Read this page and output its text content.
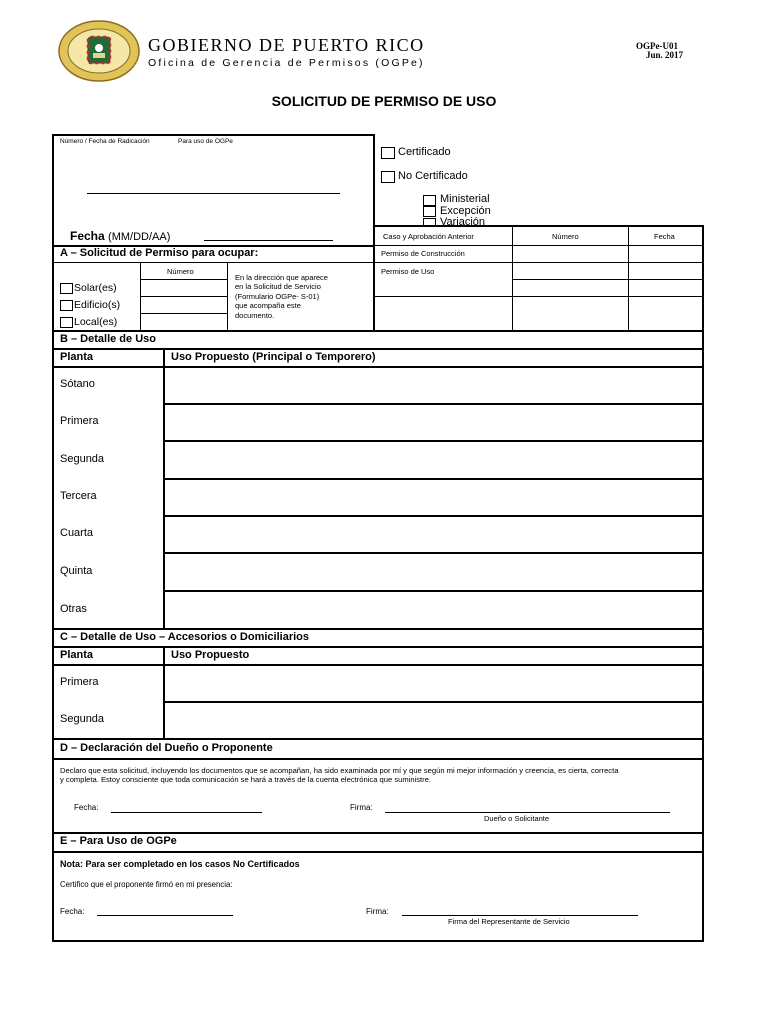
GOBIERNO DE PUERTO RICO
Oficina de Gerencia de Permisos (OGPe)
OGPe-U01
Jun. 2017
SOLICITUD DE PERMISO DE USO
Número / Fecha de Radicación	Para uso de OGPe
Fecha (MM/DD/AA)
Certificado
No Certificado
Ministerial
Excepción
Variación
Caso y Aprobación Anterior	Número	Fecha
Permiso de Construcción
Permiso de Uso
A – Solicitud de Permiso para ocupar:
Número
Solar(es)
Edificio(s)
Local(es)
En la dirección que aparece
en la Solicitud de Servicio
(Formulario OGPe- S-01)
que acompaña este
documento.
B – Detalle de Uso
Planta	Uso Propuesto (Principal o Temporero)
Sótano
Primera
Segunda
Tercera
Cuarta
Quinta
Otras
C – Detalle de Uso – Accesorios o Domiciliarios
Planta	Uso Propuesto
Primera
Segunda
D – Declaración del Dueño o Proponente
Declaro que esta solicitud, incluyendo los documentos que se acompañan, ha sido examinada por mí y que según mi mejor información y creencia, es cierta, correcta
y completa. Estoy consciente que toda comunicación se hará a través de la cuenta electrónica que suministre.
Fecha:	Firma:
Dueño o Solicitante
E – Para Uso de OGPe
Nota: Para ser completado en los casos No Certificados
Certifico que el proponente firmó en mi presencia:
Fecha:	Firma:
Firma del Representante de Servicio
